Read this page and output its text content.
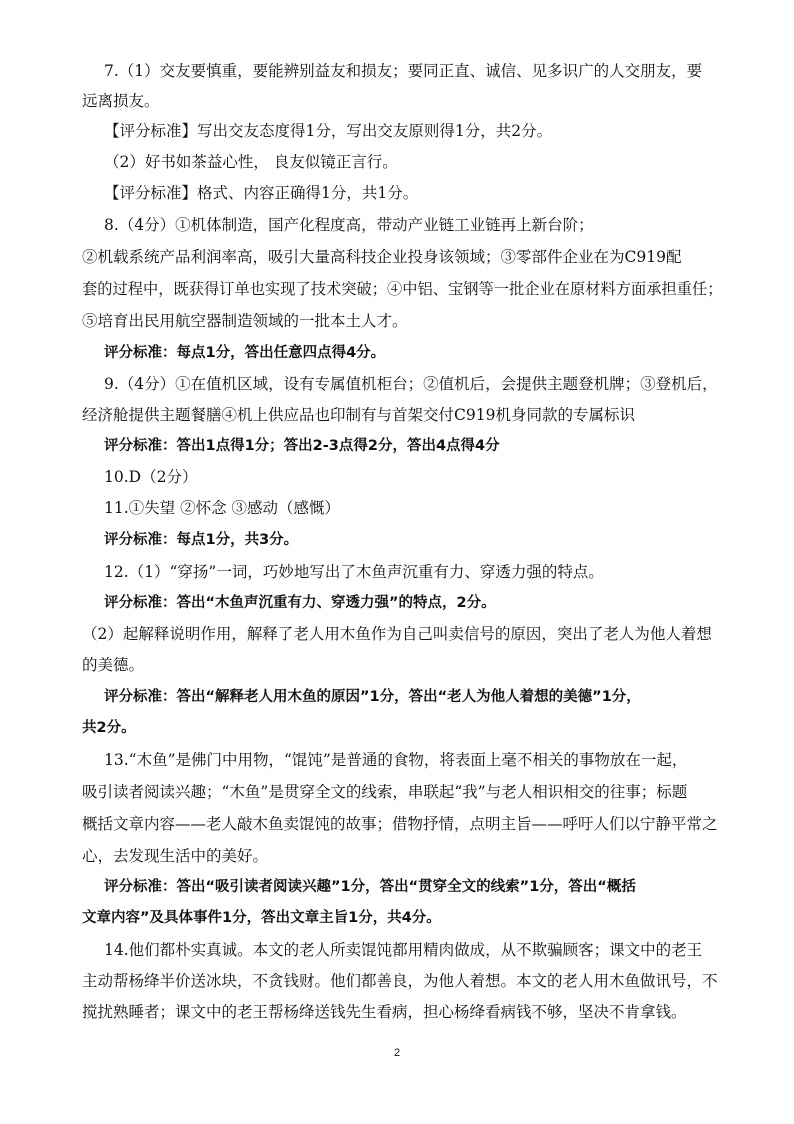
7.（1）交友要慎重，要能辨别益友和损友；要同正直、诚信、见多识广的人交朋友，要
远离损友。
【评分标准】写出交友态度得1分，写出交友原则得1分，共2分。
（2）好书如茶益心性， 良友似镜正言行。
【评分标准】格式、内容正确得1分，共1分。
8.（4分）①机体制造，国产化程度高，带动产业链工业链再上新台阶；
②机载系统产品利润率高，吸引大量高科技企业投身该领域；③零部件企业在为C919配
套的过程中，既获得订单也实现了技术突破；④中铝、宝钢等一批企业在原材料方面承担重任；
⑤培育出民用航空器制造领域的一批本土人才。
评分标准：每点1分，答出任意四点得4分。
9.（4分）①在值机区域，设有专属值机柜台；②值机后，会提供主题登机牌；③登机后，
经济舱提供主题餐膳④机上供应品也印制有与首架交付C919机身同款的专属标识
评分标准：答出1点得1分；答出2-3点得2分，答出4点得4分
10.D（2分）
11.①失望 ②怀念 ③感动（感慨）
评分标准：每点1分，共3分。
12.（1）“穿扬”一词，巧妙地写出了木鱼声沉重有力、穿透力强的特点。
评分标准：答出“木鱼声沉重有力、穿透力强”的特点，2分。
（2）起解释说明作用，解释了老人用木鱼作为自己叫卖信号的原因，突出了老人为他人着想
的美德。
评分标准：答出“解释老人用木鱼的原因”1分，答出“老人为他人着想的美德”1分，
共2分。
13.“木鱼”是佛门中用物，“馄饨”是普通的食物，将表面上毫不相关的事物放在一起，
吸引读者阅读兴趣；“木鱼”是贯穿全文的线索，串联起“我”与老人相识相交的往事；标题
概括文章内容——老人敲木鱼卖馄饨的故事；借物抒情，点明主旨——呼吁人们以宁静平常之
心，去发现生活中的美好。
评分标准：答出“吸引读者阅读兴趣”1分，答出“贯穿全文的线索”1分，答出“概括
文章内容”及具体事件1分，答出文章主旨1分，共4分。
14.他们都朴实真诚。本文的老人所卖馄饨都用精肉做成，从不欺骗顾客；课文中的老王
主动帮杨绛半价送冰块，不贪钱财。他们都善良，为他人着想。本文的老人用木鱼做讯号，不
搅扰熟睡者；课文中的老王帮杨绛送钱先生看病，担心杨绛看病钱不够，坚决不肯拿钱。
2
